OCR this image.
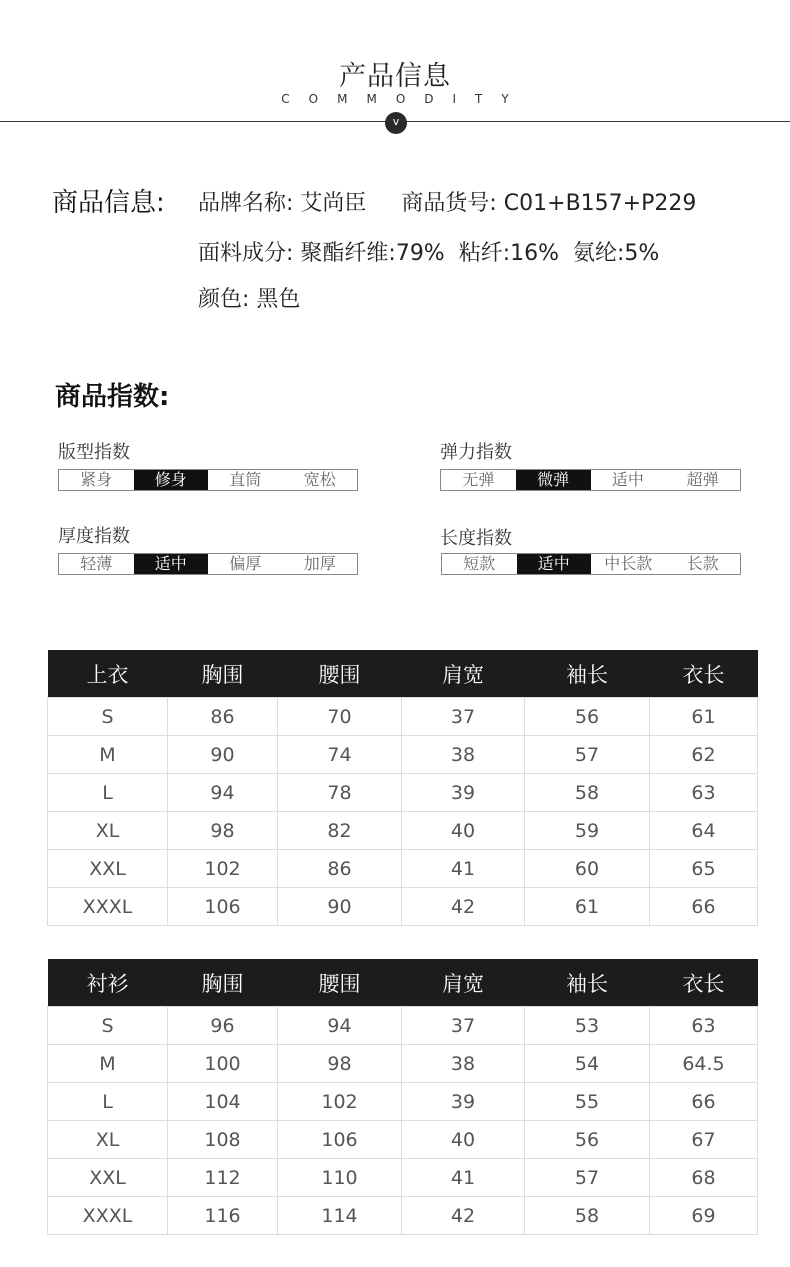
产品信息
COMMODITY
v
商品信息: 品牌名称: 艾尚臣     商品货号: C01+B157+P229
面料成分: 聚酯纤维:79%  粘纤:16%  氨纶:5%
颜色: 黑色
商品指数:
版型指数
紧身	修身	直筒	宽松
弹力指数
无弹	微弹	适中	超弹
厚度指数
轻薄	适中	偏厚	加厚
长度指数
短款	适中	中长款	长款
上衣	胸围	腰围	肩宽	袖长	衣长
S	86	70	37	56	61
M	90	74	38	57	62
L	94	78	39	58	63
XL	98	82	40	59	64
XXL	102	86	41	60	65
XXXL	106	90	42	61	66
衬衫	胸围	腰围	肩宽	袖长	衣长
S	96	94	37	53	63
M	100	98	38	54	64.5
L	104	102	39	55	66
XL	108	106	40	56	67
XXL	112	110	41	57	68
XXXL	116	114	42	58	69
